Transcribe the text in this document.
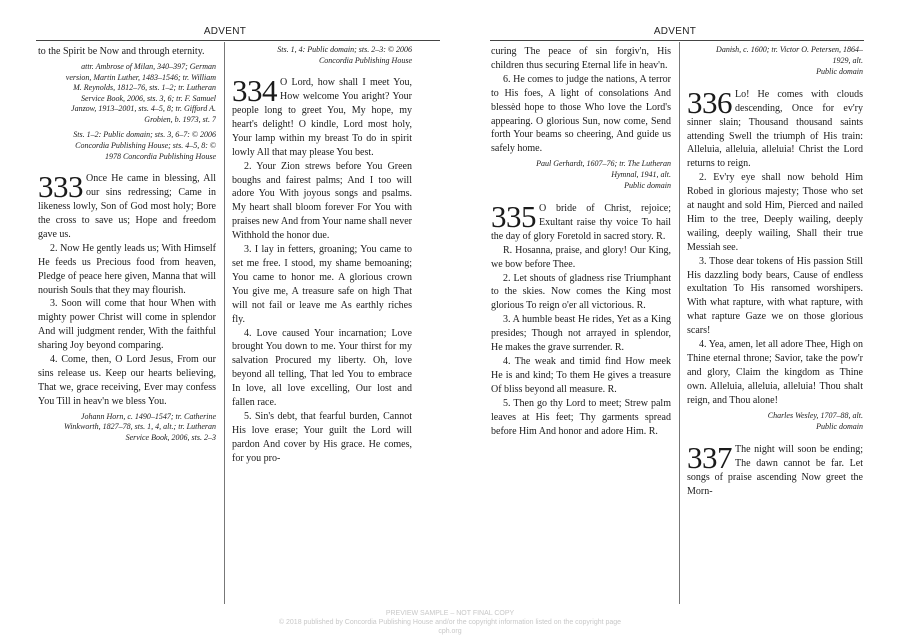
ADVENT

to the Spirit be Now and through eternity.

attr. Ambrose of Milan, 340–397; German version, Martin Luther, 1483–1546; tr. William M. Reynolds, 1812–76, sts. 1–2; tr. Lutheran Service Book, 2006, sts. 3, 6; tr. F. Samuel Janzow, 1913–2001, sts. 4–5, 8; tr. Gifford A. Grobien, b. 1973, st. 7

Sts. 1–2: Public domain; sts. 3, 6–7: © 2006 Concordia Publishing House; sts. 4–5, 8: © 1978 Concordia Publishing House

333 Once He came in blessing, All our sins redressing; Came in likeness lowly, Son of God most holy; Bore the cross to save us; Hope and freedom gave us.

2. Now He gently leads us; With Himself He feeds us Precious food from heaven, Pledge of peace here given, Manna that will nourish Souls that they may flourish.

3. Soon will come that hour When with mighty power Christ will come in splendor And will judgment render, With the faithful sharing Joy beyond comparing.

4. Come, then, O Lord Jesus, From our sins release us. Keep our hearts believing, That we, grace receiving, Ever may confess You Till in heav'n we bless You.

Johann Horn, c. 1490–1547; tr. Catherine Winkworth, 1827–78, sts. 1, 4, alt.; tr. Lutheran Service Book, 2006, sts. 2–3

Sts. 1, 4: Public domain; sts. 2–3: © 2006 Concordia Publishing House

334 O Lord, how shall I meet You, How welcome You aright? Your people long to greet You, My hope, my heart's delight! O kindle, Lord most holy, Your lamp within my breast To do in spirit lowly All that may please You best.

2. Your Zion strews before You Green boughs and fairest palms; And I too will adore You With joyous songs and psalms. My heart shall bloom forever For You with praises new And from Your name shall never Withhold the honor due.

3. I lay in fetters, groaning; You came to set me free. I stood, my shame bemoaning; You came to honor me. A glorious crown You give me, A treasure safe on high That will not fail or leave me As earthly riches fly.

4. Love caused Your incarnation; Love brought You down to me. Your thirst for my salvation Procured my liberty. Oh, love beyond all telling, That led You to embrace In love, all love excelling, Our lost and fallen race.

5. Sin's debt, that fearful burden, Cannot His love erase; Your guilt the Lord will pardon And cover by His grace. He comes, for you pro-

ADVENT

curing The peace of sin forgiv'n, His children thus securing Eternal life in heav'n.

6. He comes to judge the nations, A terror to His foes, A light of consolations And blessèd hope to those Who love the Lord's appearing. O glorious Sun, now come, Send forth Your beams so cheering, And guide us safely home.

Paul Gerhardt, 1607–76; tr. The Lutheran Hymnal, 1941, alt.

Public domain

335 O bride of Christ, rejoice; Exultant raise thy voice To hail the day of glory Foretold in sacred story. R.

R. Hosanna, praise, and glory! Our King, we bow before Thee.

2. Let shouts of gladness rise Triumphant to the skies. Now comes the King most glorious To reign o'er all victorious. R.

3. A humble beast He rides, Yet as a King presides; Though not arrayed in splendor, He makes the grave surrender. R.

4. The weak and timid find How meek He is and kind; To them He gives a treasure Of bliss beyond all measure. R.

5. Then go thy Lord to meet; Strew palm leaves at His feet; Thy garments spread before Him And honor and adore Him. R.

Danish, c. 1600; tr. Victor O. Petersen, 1864–1929, alt.

Public domain

336 Lo! He comes with clouds descending, Once for ev'ry sinner slain; Thousand thousand saints attending Swell the triumph of His train: Alleluia, alleluia, alleluia! Christ the Lord returns to reign.

2. Ev'ry eye shall now behold Him Robed in glorious majesty; Those who set at naught and sold Him, Pierced and nailed Him to the tree, Deeply wailing, deeply wailing, deeply wailing, Shall their true Messiah see.

3. Those dear tokens of His passion Still His dazzling body bears, Cause of endless exultation To His ransomed worshipers. With what rapture, with what rapture, with what rapture Gaze we on those glorious scars!

4. Yea, amen, let all adore Thee, High on Thine eternal throne; Savior, take the pow'r and glory, Claim the kingdom as Thine own. Alleluia, alleluia, alleluia! Thou shalt reign, and Thou alone!

Charles Wesley, 1707–88, alt.

Public domain

337 The night will soon be ending; The dawn cannot be far. Let songs of praise ascending Now greet the Morn-

PREVIEW SAMPLE – NOT FINAL COPY
© 2018 published by Concordia Publishing House and/or the copyright information listed on the copyright page
cph.org
